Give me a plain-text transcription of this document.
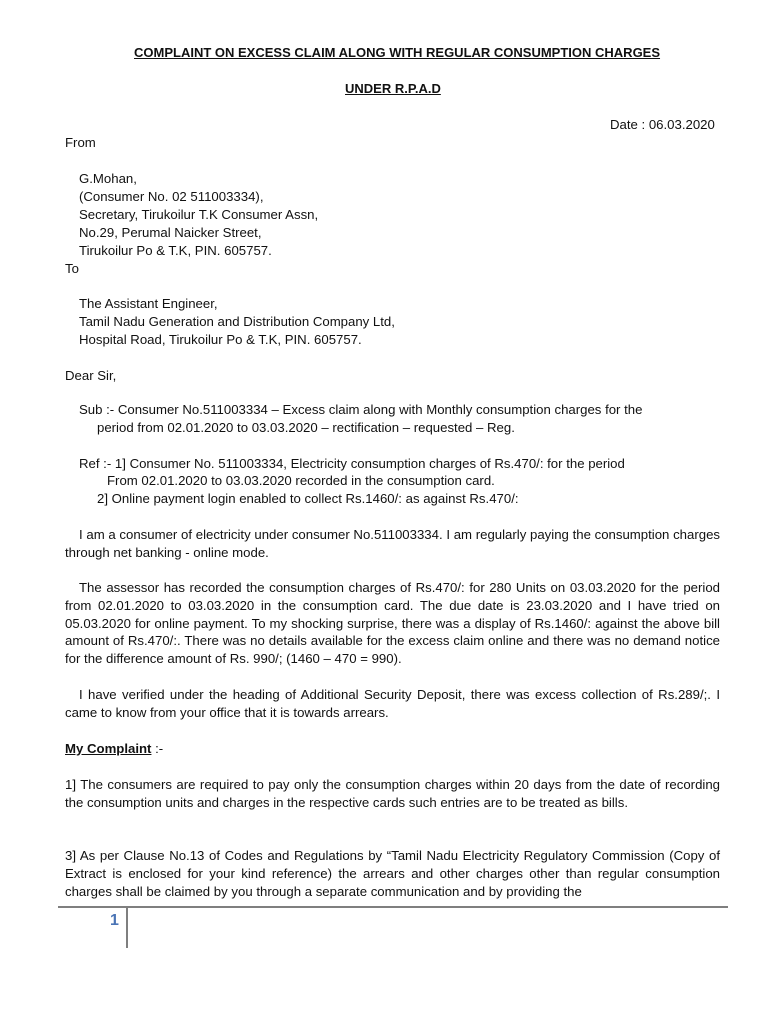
COMPLAINT ON EXCESS CLAIM ALONG WITH REGULAR CONSUMPTION CHARGES
UNDER R.P.A.D
Date : 06.03.2020
From
G.Mohan,
(Consumer No. 02 511003334),
Secretary, Tirukoilur T.K Consumer Assn,
No.29, Perumal Naicker Street,
Tirukoilur Po & T.K, PIN. 605757.
To
The Assistant Engineer,
Tamil Nadu Generation and Distribution Company Ltd,
Hospital Road, Tirukoilur Po & T.K, PIN. 605757.
Dear Sir,
Sub :- Consumer No.511003334 – Excess claim along with Monthly consumption charges for the
period from 02.01.2020 to 03.03.2020 – rectification – requested – Reg.
Ref :- 1] Consumer No. 511003334, Electricity consumption charges of Rs.470/: for the period
From 02.01.2020 to 03.03.2020 recorded in the consumption card.
2] Online payment login enabled to collect Rs.1460/: as against Rs.470/:
I am a consumer of electricity under consumer No.511003334. I am regularly paying the consumption charges through net banking - online mode.
The assessor has recorded the consumption charges of Rs.470/: for 280 Units on 03.03.2020 for the period from 02.01.2020 to 03.03.2020 in the consumption card. The due date is 23.03.2020 and I have tried on 05.03.2020 for online payment. To my shocking surprise, there was a display of Rs.1460/: against the above bill amount of Rs.470/:. There was no details available for the excess claim online and there was no demand notice for the difference amount of Rs. 990/; (1460 – 470 = 990).
I have verified under the heading of Additional Security Deposit, there was excess collection of Rs.289/;. I came to know from your office that it is towards arrears.
My Complaint :-
1] The consumers are required to pay only the consumption charges within 20 days from the date of recording the consumption units and charges in the respective cards such entries are to be treated as bills.
3] As per Clause No.13 of Codes and Regulations by “Tamil Nadu Electricity Regulatory Commission (Copy of Extract is enclosed for your kind reference) the arrears and other charges other than regular consumption charges shall be claimed by you through a separate communication and by providing the
1
